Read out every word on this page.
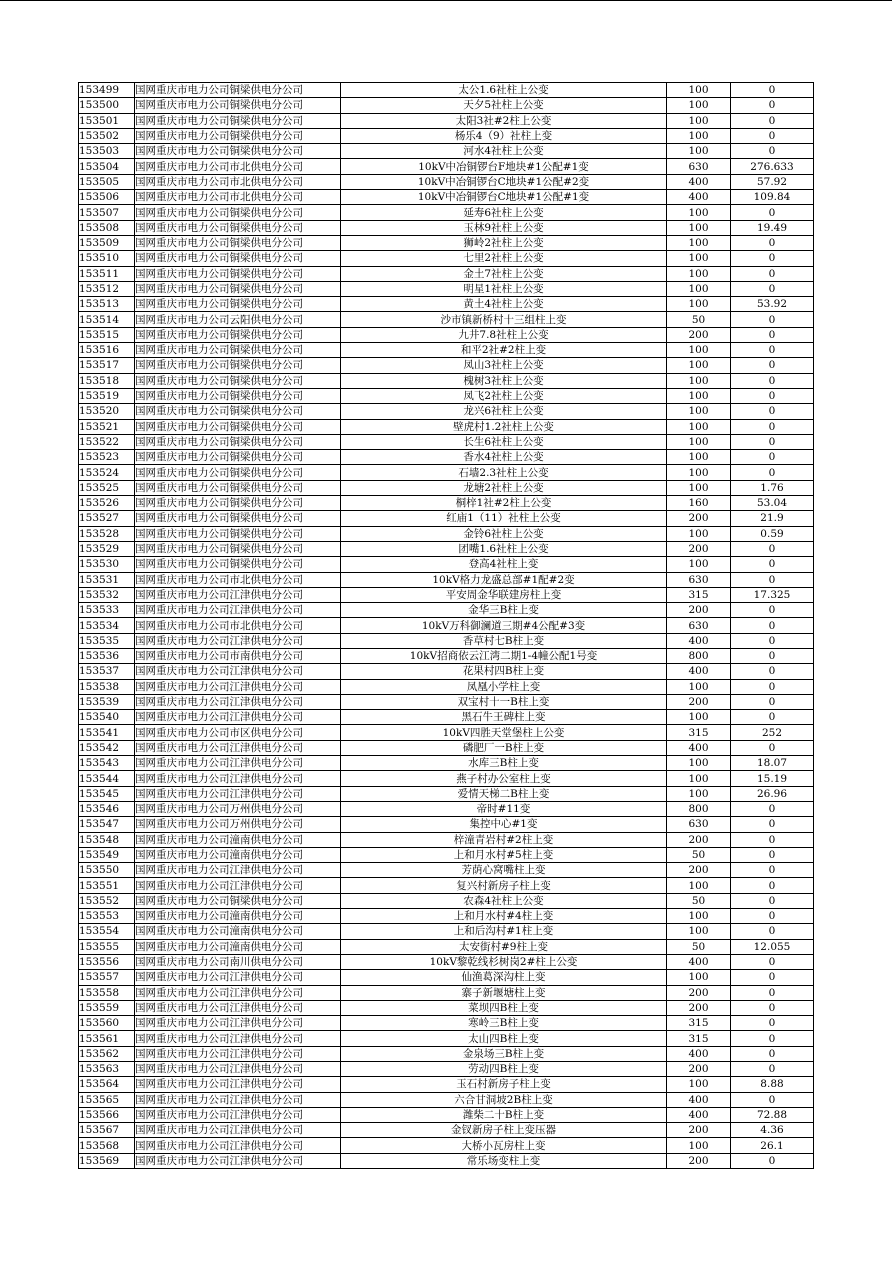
153499	国网重庆市电力公司铜梁供电分公司	太公1.6社柱上公变	100	0
153500	国网重庆市电力公司铜梁供电分公司	天夕5社柱上公变	100	0
153501	国网重庆市电力公司铜梁供电分公司	太阳3社#2柱上公变	100	0
153502	国网重庆市电力公司铜梁供电分公司	杨乐4（9）社柱上变	100	0
153503	国网重庆市电力公司铜梁供电分公司	河水4社柱上公变	100	0
153504	国网重庆市电力公司市北供电分公司	10kV中冶铜锣台F地块#1公配#1变	630	276.633
153505	国网重庆市电力公司市北供电分公司	10kV中冶铜锣台C地块#1公配#2变	400	57.92
153506	国网重庆市电力公司市北供电分公司	10kV中冶铜锣台C地块#1公配#1变	400	109.84
153507	国网重庆市电力公司铜梁供电分公司	延寿6社柱上公变	100	0
153508	国网重庆市电力公司铜梁供电分公司	玉林9社柱上公变	100	19.49
153509	国网重庆市电力公司铜梁供电分公司	狮岭2社柱上公变	100	0
153510	国网重庆市电力公司铜梁供电分公司	七里2社柱上公变	100	0
153511	国网重庆市电力公司铜梁供电分公司	金土7社柱上公变	100	0
153512	国网重庆市电力公司铜梁供电分公司	明星1社柱上公变	100	0
153513	国网重庆市电力公司铜梁供电分公司	黄土4社柱上公变	100	53.92
153514	国网重庆市电力公司云阳供电分公司	沙市镇新桥村十三组柱上变	50	0
153515	国网重庆市电力公司铜梁供电分公司	九井7.8社柱上公变	200	0
153516	国网重庆市电力公司铜梁供电分公司	和平2社#2柱上变	100	0
153517	国网重庆市电力公司铜梁供电分公司	凤山3社柱上公变	100	0
153518	国网重庆市电力公司铜梁供电分公司	槐树3社柱上公变	100	0
153519	国网重庆市电力公司铜梁供电分公司	凤飞2社柱上公变	100	0
153520	国网重庆市电力公司铜梁供电分公司	龙兴6社柱上公变	100	0
153521	国网重庆市电力公司铜梁供电分公司	壁虎村1.2社柱上公变	100	0
153522	国网重庆市电力公司铜梁供电分公司	长生6社柱上公变	100	0
153523	国网重庆市电力公司铜梁供电分公司	香水4社柱上公变	100	0
153524	国网重庆市电力公司铜梁供电分公司	石墙2.3社柱上公变	100	0
153525	国网重庆市电力公司铜梁供电分公司	龙塘2社柱上公变	100	1.76
153526	国网重庆市电力公司铜梁供电分公司	桐梓1社#2柱上公变	160	53.04
153527	国网重庆市电力公司铜梁供电分公司	红庙1（11）社柱上公变	200	21.9
153528	国网重庆市电力公司铜梁供电分公司	金铃6社柱上公变	100	0.59
153529	国网重庆市电力公司铜梁供电分公司	团嘴1.6社柱上公变	200	0
153530	国网重庆市电力公司铜梁供电分公司	登高4社柱上变	100	0
153531	国网重庆市电力公司市北供电分公司	10kV格力龙盛总部#1配#2变	630	0
153532	国网重庆市电力公司江津供电分公司	平安周金华联建房柱上变	315	17.325
153533	国网重庆市电力公司江津供电分公司	金华三B柱上变	200	0
153534	国网重庆市电力公司市北供电分公司	10kV万科御澜道三期#4公配#3变	630	0
153535	国网重庆市电力公司江津供电分公司	香草村七B柱上变	400	0
153536	国网重庆市电力公司市南供电分公司	10kV招商依云江湾二期1-4幢公配1号变	800	0
153537	国网重庆市电力公司江津供电分公司	花果村四B柱上变	400	0
153538	国网重庆市电力公司江津供电分公司	凤凰小学柱上变	100	0
153539	国网重庆市电力公司江津供电分公司	双宝村十一B柱上变	200	0
153540	国网重庆市电力公司江津供电分公司	黑石牛王碑柱上变	100	0
153541	国网重庆市电力公司市区供电分公司	10kV四胜天堂堡柱上公变	315	252
153542	国网重庆市电力公司江津供电分公司	磷肥厂一B柱上变	400	0
153543	国网重庆市电力公司江津供电分公司	水库三B柱上变	100	18.07
153544	国网重庆市电力公司江津供电分公司	燕子村办公室柱上变	100	15.19
153545	国网重庆市电力公司江津供电分公司	爱情天梯二B柱上变	100	26.96
153546	国网重庆市电力公司万州供电分公司	帝时#11变	800	0
153547	国网重庆市电力公司万州供电分公司	集控中心#1变	630	0
153548	国网重庆市电力公司潼南供电分公司	梓潼青岩村#2柱上变	200	0
153549	国网重庆市电力公司潼南供电分公司	上和月水村#5柱上变	50	0
153550	国网重庆市电力公司江津供电分公司	芳荫心窝嘴柱上变	200	0
153551	国网重庆市电力公司江津供电分公司	复兴村新房子柱上变	100	0
153552	国网重庆市电力公司铜梁供电分公司	农森4社柱上公变	50	0
153553	国网重庆市电力公司潼南供电分公司	上和月水村#4柱上变	100	0
153554	国网重庆市电力公司潼南供电分公司	上和后沟村#1柱上变	100	0
153555	国网重庆市电力公司潼南供电分公司	太安街村#9柱上变	50	12.055
153556	国网重庆市电力公司南川供电分公司	10kV黎乾线杉树岗2#柱上公变	400	0
153557	国网重庆市电力公司江津供电分公司	仙渔葛深沟柱上变	100	0
153558	国网重庆市电力公司江津供电分公司	寨子新堰塘柱上变	200	0
153559	国网重庆市电力公司江津供电分公司	菜坝四B柱上变	200	0
153560	国网重庆市电力公司江津供电分公司	寒岭三B柱上变	315	0
153561	国网重庆市电力公司江津供电分公司	太山四B柱上变	315	0
153562	国网重庆市电力公司江津供电分公司	金泉场三B柱上变	400	0
153563	国网重庆市电力公司江津供电分公司	劳动四B柱上变	200	0
153564	国网重庆市电力公司江津供电分公司	玉石村新房子柱上变	100	8.88
153565	国网重庆市电力公司江津供电分公司	六合甘洞坡2B柱上变	400	0
153566	国网重庆市电力公司江津供电分公司	潍柴二十B柱上变	400	72.88
153567	国网重庆市电力公司江津供电分公司	金钗新房子柱上变压器	200	4.36
153568	国网重庆市电力公司江津供电分公司	大桥小瓦房柱上变	100	26.1
153569	国网重庆市电力公司江津供电分公司	常乐场变柱上变	200	0
